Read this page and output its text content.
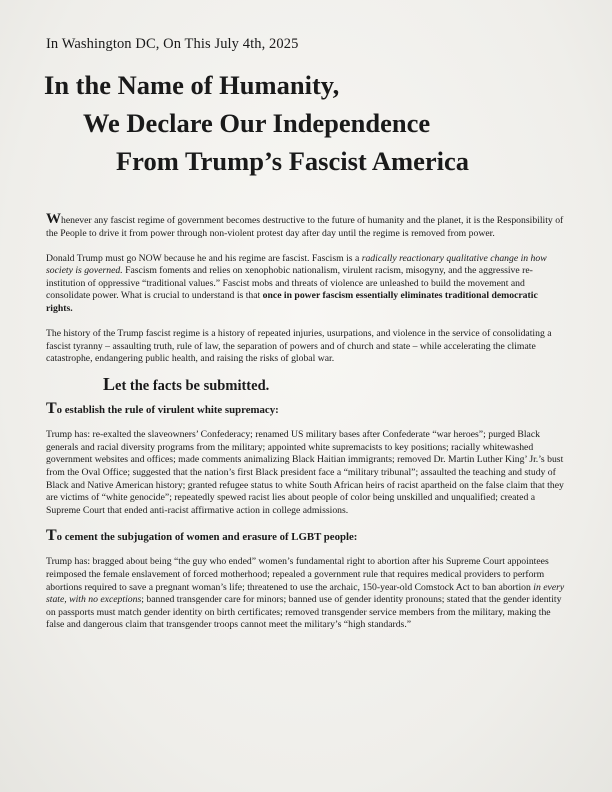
In Washington DC, On This July 4th, 2025
In the Name of Humanity,
We Declare Our Independence
From Trump’s Fascist America

Whenever any fascist regime of government becomes destructive to the future of humanity and the planet, it is the Responsibility of the People to drive it from power through non-violent protest day after day until the regime is removed from power.

Donald Trump must go NOW because he and his regime are fascist. Fascism is a radically reactionary qualitative change in how society is governed. Fascism foments and relies on xenophobic nationalism, virulent racism, misogyny, and the aggressive re-institution of oppressive “traditional values.” Fascist mobs and threats of violence are unleashed to build the movement and consolidate power. What is crucial to understand is that once in power fascism essentially eliminates traditional democratic rights.

The history of the Trump fascist regime is a history of repeated injuries, usurpations, and violence in the service of consolidating a fascist tyranny – assaulting truth, rule of law, the separation of powers and of church and state – while accelerating the climate catastrophe, endangering public health, and raising the risks of global war.

Let the facts be submitted.
To establish the rule of virulent white supremacy:

Trump has: re-exalted the slaveowners’ Confederacy; renamed US military bases after Confederate “war heroes”; purged Black generals and racial diversity programs from the military; appointed white supremacists to key positions; racially whitewashed government websites and offices; made comments animalizing Black Haitian immigrants; removed Dr. Martin Luther King’ Jr.’s bust from the Oval Office; suggested that the nation’s first Black president face a “military tribunal”; assaulted the teaching and study of Black and Native American history; granted refugee status to white South African heirs of racist apartheid on the false claim that they are victims of “white genocide”; repeatedly spewed racist lies about people of color being unskilled and unqualified; created a Supreme Court that ended anti-racist affirmative action in college admissions.

To cement the subjugation of women and erasure of LGBT people:

Trump has: bragged about being “the guy who ended” women’s fundamental right to abortion after his Supreme Court appointees reimposed the female enslavement of forced motherhood; repealed a government rule that requires medical providers to perform abortions required to save a pregnant woman’s life; threatened to use the archaic, 150-year-old Comstock Act to ban abortion in every state, with no exceptions; banned transgender care for minors; banned use of gender identity pronouns; stated that the gender identity on passports must match gender identity on birth certificates; removed transgender service members from the military, making the false and dangerous claim that transgender troops cannot meet the military’s “high standards.”
